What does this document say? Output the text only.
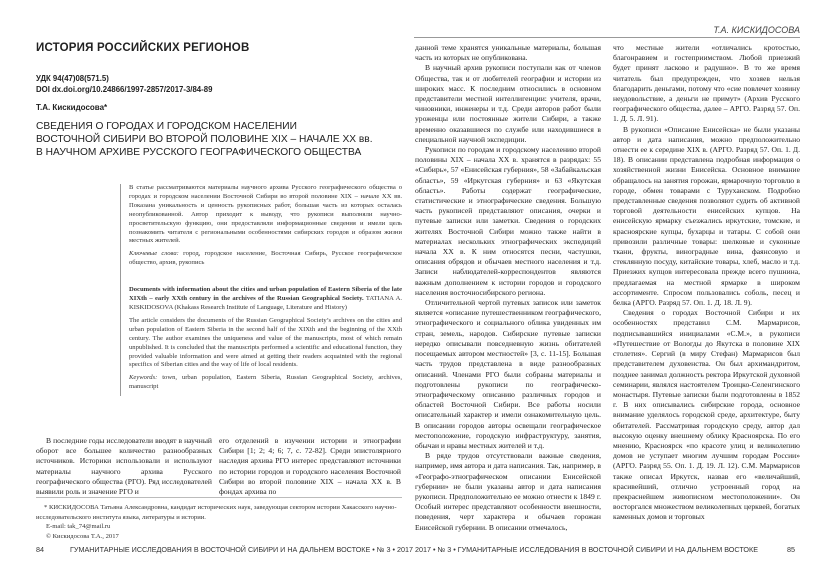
ИСТОРИЯ РОССИЙСКИХ РЕГИОНОВ
УДК 94(47)08(571.5)
DOI dx.doi.org/10.24866/1997-2857/2017-3/84-89
Т.А. Кискидосова*
СВЕДЕНИЯ О ГОРОДАХ И ГОРОДСКОМ НАСЕЛЕНИИ
ВОСТОЧНОЙ СИБИРИ ВО ВТОРОЙ ПОЛОВИНЕ XIX – НАЧАЛЕ XX вв.
В НАУЧНОМ АРХИВЕ РУССКОГО ГЕОГРАФИЧЕСКОГО ОБЩЕСТВА

В статье рассматриваются материалы научного архива Русского географического общества о городах и городском населении Восточной Сибири во второй половине XIX – начале XX вв. Показана уникальность и ценность рукописных работ, большая часть из которых осталась неопубликованной. Автор приходит к выводу, что рукописи выполняли научно-просветительскую функцию, они предоставляли информационные сведения и имели цель познакомить читателя с региональными особенностями сибирских городов и образом жизни местных жителей.

Ключевые слова: город, городское население, Восточная Сибирь, Русское географическое общество, архив, рукопись

Documents with information about the cities and urban population of Eastern Siberia of the late XIXth – early XXth century in the archives of the Russian Geographical Society. TATIANA A. KISKIDOSOVA (Khakass Research Institute of Language, Literature and History)

The article considers the documents of the Russian Geographical Society’s archives on the cities and urban population of Eastern Siberia in the second half of the XIXth and the beginning of the XXth century. The author examines the uniqueness and value of the manuscripts, most of which remain unpublished. It is concluded that the manuscripts performed a scientific and educational function, they provided valuable information and were aimed at getting their readers acquainted with the regional specifics of Siberian cities and the way of life of local residents.

Keywords: town, urban population, Eastern Siberia, Russian Geographical Society, archives, manuscript

В последние годы исследователи вводят в научный оборот все большее количество разнообразных источников. Историки использовали и используют материалы научного архива Русского географического общества (РГО). Ряд исследователей выявили роль и значение РГО и

его отделений в изучении истории и этнографии Сибири [1; 2; 4; 6; 7, с. 72-82]. Среди эпистолярного наследия архива РГО интерес представляют источники по истории городов и городского населения Восточной Сибири во второй половине XIX – начала XX в. В фондах архива по

* КИСКИДОСОВА Татьяна Александровна, кандидат исторических наук, заведующая сектором истории Хакасского научно-исследовательского института языка, литературы и истории.
E-mail: tak_74@mail.ru
© Кискидосова Т.А., 2017
84	ГУМАНИТАРНЫЕ ИССЛЕДОВАНИЯ В ВОСТОЧНОЙ СИБИРИ И НА ДАЛЬНЕМ ВОСТОКЕ • № 3 • 2017
Т.А. КИСКИДОСОВА

данной теме хранятся уникальные материалы, большая часть из которых не опубликована.

В научный архив рукописи поступали как от членов Общества, так и от любителей географии и истории из широких масс. К последним относились в основном представители местной интеллигенции: учителя, врачи, чиновники, инженеры и т.д. Среди авторов работ были уроженцы или постоянные жители Сибири, а также временно оказавшиеся по службе или находившиеся в специальной научной экспедиции.

Рукописи по городам и городскому населению второй половины XIX – начала XX в. хранятся в разрядах: 55 «Сибирь», 57 «Енисейская губерния», 58 «Забайкальская область», 59 «Иркутская губерния» и 63 «Якутская область». Работы содержат географические, статистические и этнографические сведения. Большую часть рукописей представляют описания, очерки и путевые записки или заметки. Сведения о городских жителях Восточной Сибири можно также найти в материалах нескольких этнографических экспедиций начала XX в. К ним относятся песни, частушки, описания обрядов и обычаев местного населения и т.д. Записи наблюдателей-корреспондентов являются важным дополнением к истории городов и городского населения восточносибирского региона.

Отличительной чертой путевых записок или заметок является «описание путешественником географического, этнографического и социального облика увиденных им стран, земель, народов. Сибирские путевые записки нередко описывали повседневную жизнь обитателей посещаемых автором местностей» [3, с. 11-15]. Большая часть трудов представлена в виде разнообразных описаний. Членами РГО были собраны материалы и подготовлены рукописи по географическо-этнографическому описанию различных городов и областей Восточной Сибири. Все работы носили описательный характер и имели ознакомительную цель. В описании городов авторы освещали географическое местоположение, городскую инфраструктуру, занятия, обычаи и нравы местных жителей и т.д.

В ряде трудов отсутствовали важные сведения, например, имя автора и дата написания. Так, например, в «Географо-этнографическом описании Енисейской губернии» не были указаны автор и дата написания рукописи. Предположительно ее можно отнести к 1849 г. Особый интерес представляют особенности внешности, поведения, черт характера и обычаев горожан Енисейской губернии. В описании отмечалось,

что местные жители «отличались кротостью, благонравием и гостеприимством. Любой приезжий будет принят ласково и радушно». В то же время читатель был предупрежден, что хозяев нельзя благодарить деньгами, потому что «сие повлечет хозяину неудовольствие, а деньги не примут» (Архив Русского географического общества, далее – АРГО. Разряд 57. Оп. 1. Д. 5. Л. 91).

В рукописи «Описание Енисейска» не были указаны автор и дата написания, можно предположительно отнести ее к середине XIX в. (АРГО. Разряд 57. Оп. 1. Д. 18). В описании представлена подробная информация о хозяйственной жизни Енисейска. Основное внимание обращалось на занятия горожан, ярмарочную торговлю в городе, обмен товарами с Туруханском. Подробно представленные сведения позволяют судить об активной торговой деятельности енисейских купцов. На енисейскую ярмарку съезжались иркутские, томские, и красноярские купцы, бухарцы и татары. С собой они привозили различные товары: шелковые и суконные ткани, фрукты, виноградные вина, фаянсовую и стеклянную посуду, китайские товары, хлеб, масло и т.д. Приезжих купцов интересовала прежде всего пушнина, предлагаемая на местной ярмарке в широком ассортименте. Спросом пользовались соболь, песец и белка (АРГО. Разряд 57. Оп. 1. Д. 18. Л. 9).

Сведения о городах Восточной Сибири и их особенностях представил С.М. Мармарисов, подписывавшийся инициалами «С.М.», в рукописи «Путешествие от Вологды до Якутска в половине XIX столетия». Сергий (в миру Стефан) Мармарисов был представителем духовенства. Он был архимандритом, позднее занимал должность ректора Иркутской духовной семинарии, являлся настоятелем Троицко-Селенгинского монастыря. Путевые записки были подготовлены в 1852 г. В них описывались сибирские города, основное внимание уделялось городской среде, архитектуре, быту обитателей. Рассматривая городскую среду, автор дал высокую оценку внешнему облику Красноярска. По его мнению, Красноярск «по красоте улиц и великолепию домов не уступает многим лучшим городам России» (АРГО. Разряд 55. Оп. 1. Д. 19. Л. 12). С.М. Мармарисов также описал Иркутск, назвав его «величайший, красивейший, отлично устроенный город на прекраснейшем живописном местоположении». Он восторгался множеством великолепных церквей, богатых каменных домов и торговых

2017 • № 3 • ГУМАНИТАРНЫЕ ИССЛЕДОВАНИЯ В ВОСТОЧНОЙ СИБИРИ И НА ДАЛЬНЕМ ВОСТОКЕ	85
